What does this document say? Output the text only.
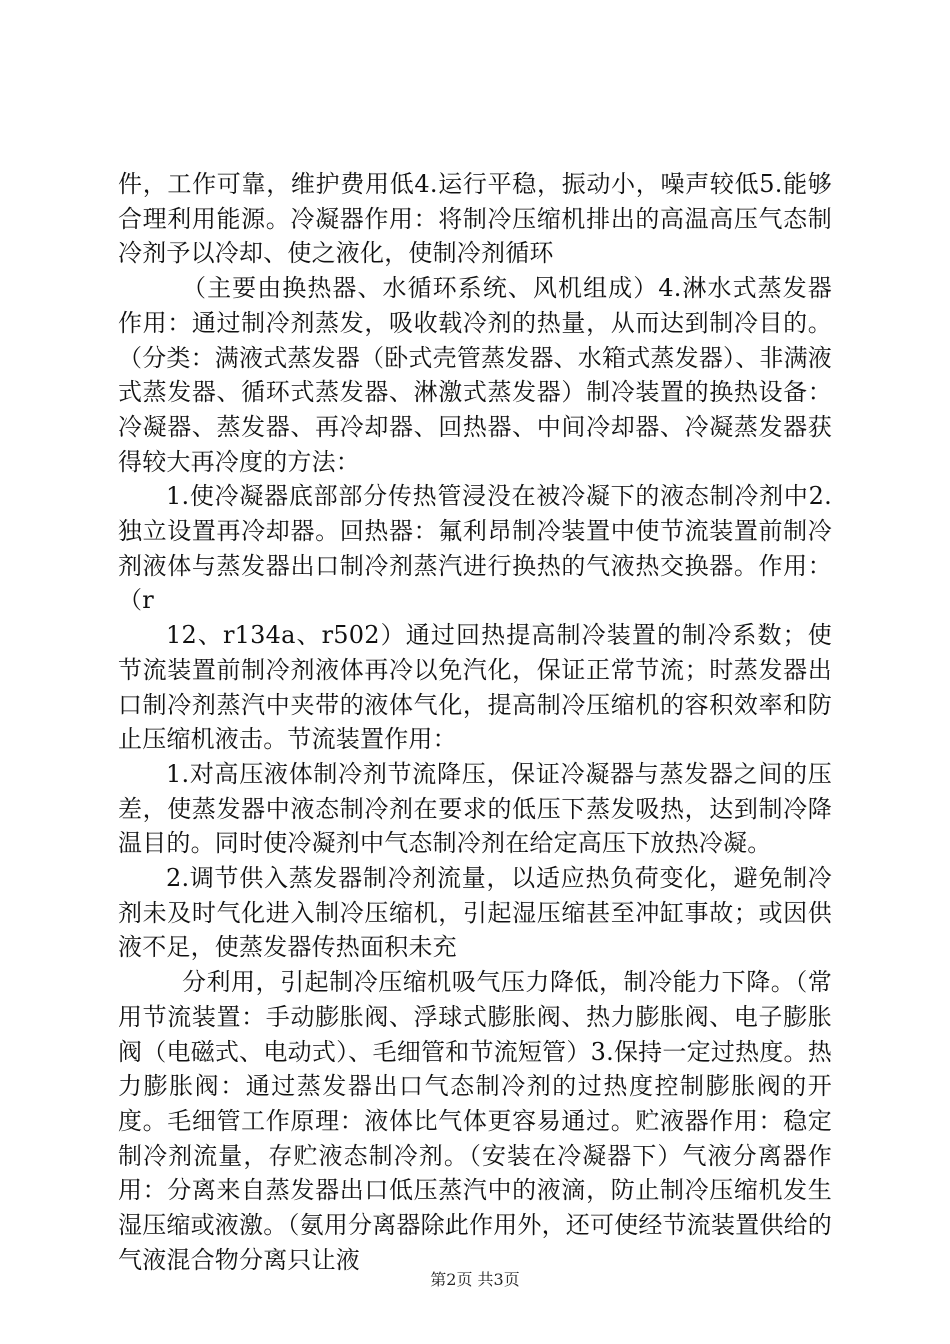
件，工作可靠，维护费用低4.运行平稳，振动小，噪声较低5.能够合理利用能源。冷凝器作用：将制冷压缩机排出的高温高压气态制冷剂予以冷却、使之液化，使制冷剂循环

（主要由换热器、水循环系统、风机组成）4.淋水式蒸发器作用：通过制冷剂蒸发，吸收载冷剂的热量，从而达到制冷目的。（分类：满液式蒸发器（卧式壳管蒸发器、水箱式蒸发器）、非满液式蒸发器、循环式蒸发器、淋激式蒸发器）制冷装置的换热设备：冷凝器、蒸发器、再冷却器、回热器、中间冷却器、冷凝蒸发器获得较大再冷度的方法：

1.使冷凝器底部部分传热管浸没在被冷凝下的液态制冷剂中2.独立设置再冷却器。回热器：氟利昂制冷装置中使节流装置前制冷剂液体与蒸发器出口制冷剂蒸汽进行换热的气液热交换器。作用：（r

12、r134a、r502）通过回热提高制冷装置的制冷系数；使节流装置前制冷剂液体再冷以免汽化，保证正常节流；时蒸发器出口制冷剂蒸汽中夹带的液体气化，提高制冷压缩机的容积效率和防止压缩机液击。节流装置作用：

1.对高压液体制冷剂节流降压，保证冷凝器与蒸发器之间的压差，使蒸发器中液态制冷剂在要求的低压下蒸发吸热，达到制冷降温目的。同时使冷凝剂中气态制冷剂在给定高压下放热冷凝。

2.调节供入蒸发器制冷剂流量，以适应热负荷变化，避免制冷剂未及时气化进入制冷压缩机，引起湿压缩甚至冲缸事故；或因供液不足，使蒸发器传热面积未充

分利用，引起制冷压缩机吸气压力降低，制冷能力下降。（常用节流装置：手动膨胀阀、浮球式膨胀阀、热力膨胀阀、电子膨胀阀（电磁式、电动式）、毛细管和节流短管）3.保持一定过热度。热力膨胀阀：通过蒸发器出口气态制冷剂的过热度控制膨胀阀的开度。毛细管工作原理：液体比气体更容易通过。贮液器作用：稳定制冷剂流量，存贮液态制冷剂。（安装在冷凝器下）气液分离器作用：分离来自蒸发器出口低压蒸汽中的液滴，防止制冷压缩机发生湿压缩或液激。（氨用分离器除此作用外，还可使经节流装置供给的气液混合物分离只让液

第2页 共3页
